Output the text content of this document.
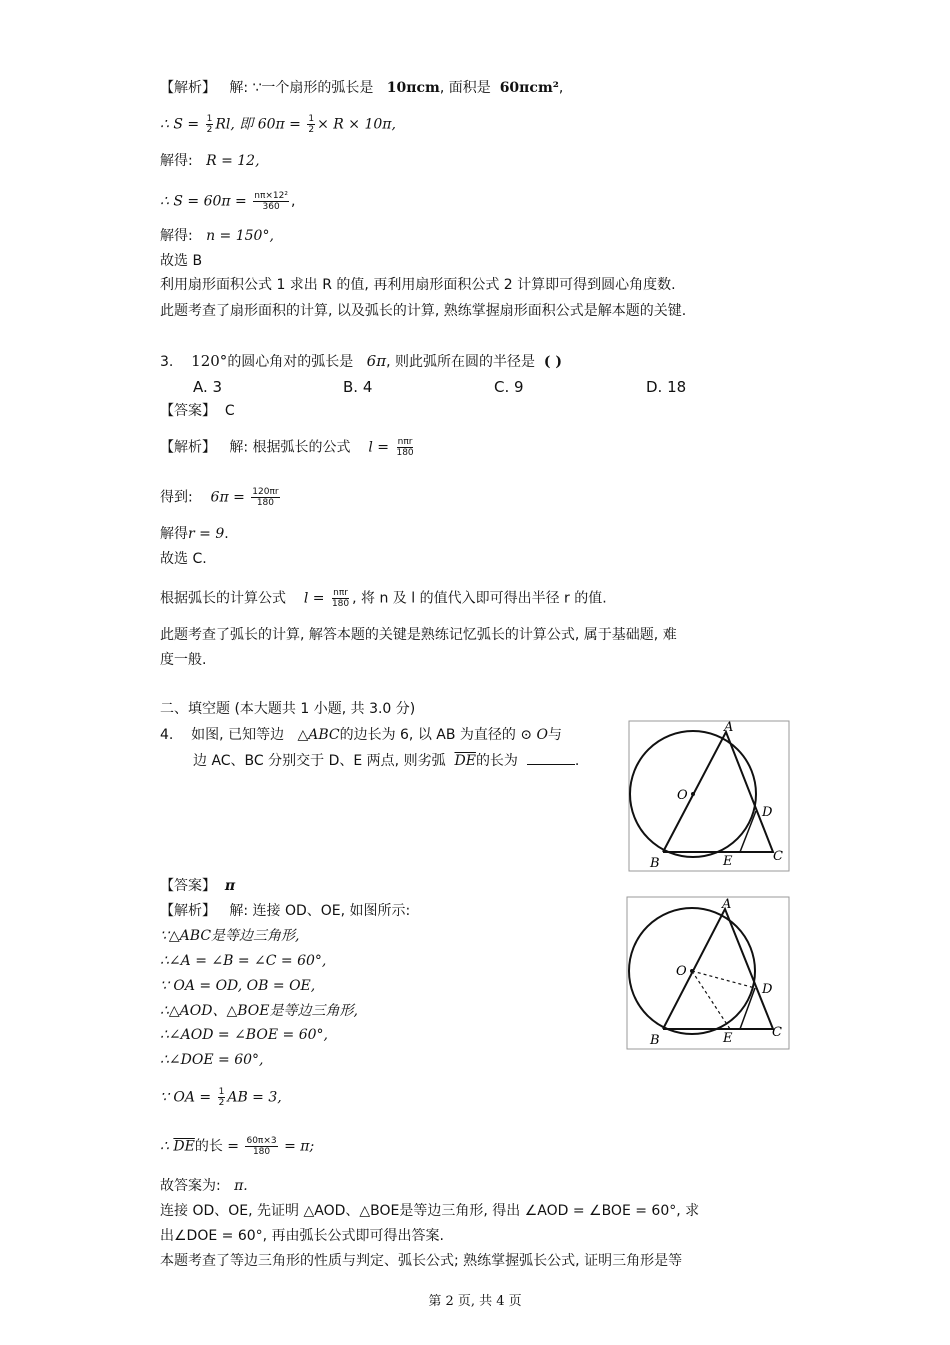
【解析】 解: ∵一个扇形的弧长是 10πcm, 面积是 60πcm²,
∴ $S = \frac{1}{2} Rl$, 即 $60\pi = \frac{1}{2} \times R \times 10\pi$,
解得: R = 12,
∴ $S = 60\pi = \frac{\text{nπ×12²}}{360}$ ,
解得: n = 150°,
故选 B
利用扇形面积公式 1 求出 R 的值, 再利用扇形面积公式 2 计算即可得到圆心角度数.
此题考查了扇形面积的计算, 以及弧长的计算, 熟练掌握扇形面积公式是解本题的关键.
3. 120°的圆心角对的弧长是 6π, 则此弧所在圆的半径是 ( )
A. 3	B. 4	C. 9	D. 18
【答案】 C
【解析】 解: 根据弧长的公式 $l = \frac{\text{nπr}}{180}$
得到: $6\pi = \frac{120\pi r}{180}$
解得r = 9.
故选 C.
根据弧长的计算公式 $l = \frac{\text{nπr}}{180}$ , 将 n 及 l 的值代入即可得出半径 r 的值.
此题考查了弧长的计算, 解答本题的关键是熟练记忆弧长的计算公式, 属于基础题, 难
度一般.
二、填空题 (本大题共 1 小题, 共 3.0 分)
4. 如图, 已知等边 △ABC的边长为 6, 以 AB 为直径的 ⊙ O与
边 AC、BC 分别交于 D、E 两点, 则劣弧 $\overline{DE}$的长为	.
A
O
D
B	E	C
【答案】 π
【解析】 解: 连接 OD、OE, 如图所示:
∵△ABC是等边三角形,
∴∠A = ∠B = ∠C = 60°,
∵ OA = OD, OB = OE,
∴△AOD、△BOE是等边三角形,
∴∠AOD = ∠BOE = 60°,
∴∠DOE = 60°,
∵ OA = $\frac{1}{2}$ AB = 3,
∴ $\overline{DE}$的长 = $\frac{60\pi\times 3}{180} = \pi$;
故答案为: π.
连接 OD、OE, 先证明 △AOD、△BOE是等边三角形, 得出 ∠AOD = ∠BOE = 60°, 求
出∠DOE = 60°, 再由弧长公式即可得出答案.
本题考查了等边三角形的性质与判定、弧长公式; 熟练掌握弧长公式, 证明三角形是等
A
O
D
B	E	C
第 2 页, 共 4 页
